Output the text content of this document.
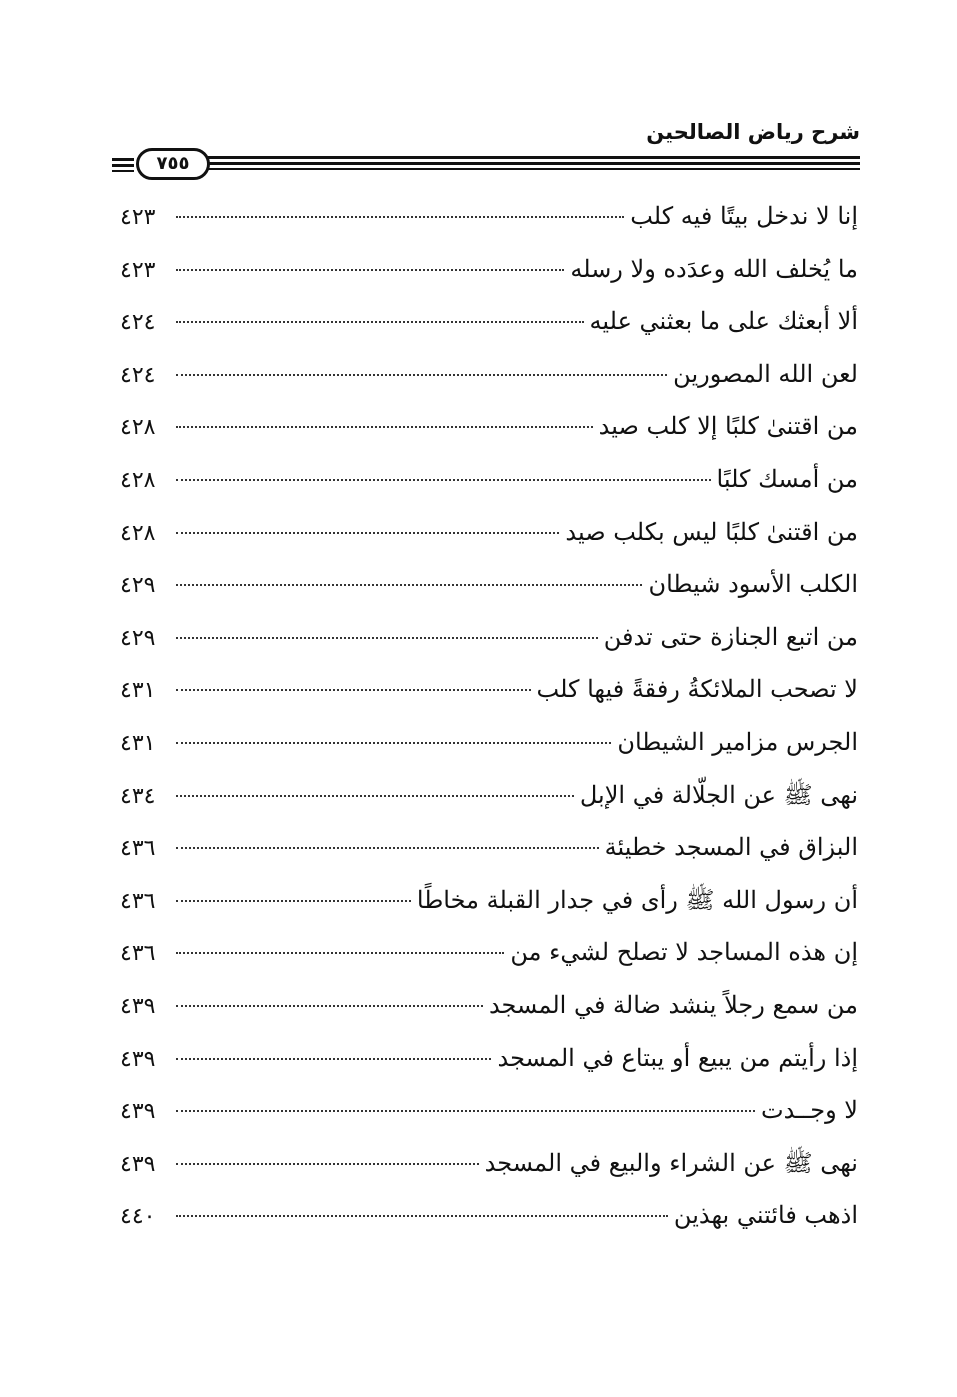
شرح رياض الصالحين
٧٥٥
إنا لا ندخل بيتًا فيه كلب
٤٢٣
ما يُخلف الله وعدَده ولا رسله
٤٢٣
ألا أبعثك على ما بعثني عليه
٤٢٤
لعن الله المصورين
٤٢٤
من اقتنىٰ كلبًا إلا كلب صيد
٤٢٨
من أمسك كلبًا
٤٢٨
من اقتنىٰ كلبًا ليس بكلب صيد
٤٢٨
الكلب الأسود شيطان
٤٢٩
من اتبع الجنازة حتى تدفن
٤٢٩
لا تصحب الملائكةُ رفقةً فيها كلب
٤٣١
الجرس مزامير الشيطان
٤٣١
نهى ﷺ عن الجلّالة في الإبل
٤٣٤
البزاق في المسجد خطيئة
٤٣٦
أن رسول الله ﷺ رأى في جدار القبلة مخاطًا
٤٣٦
إن هذه المساجد لا تصلح لشيء من
٤٣٦
من سمع رجلاً ينشد ضالة في المسجد
٤٣٩
إذا رأيتم من يبيع أو يبتاع في المسجد
٤٣٩
لا وجــدت
٤٣٩
نهى ﷺ عن الشراء والبيع في المسجد
٤٣٩
اذهب فائتني بهذين
٤٤٠
